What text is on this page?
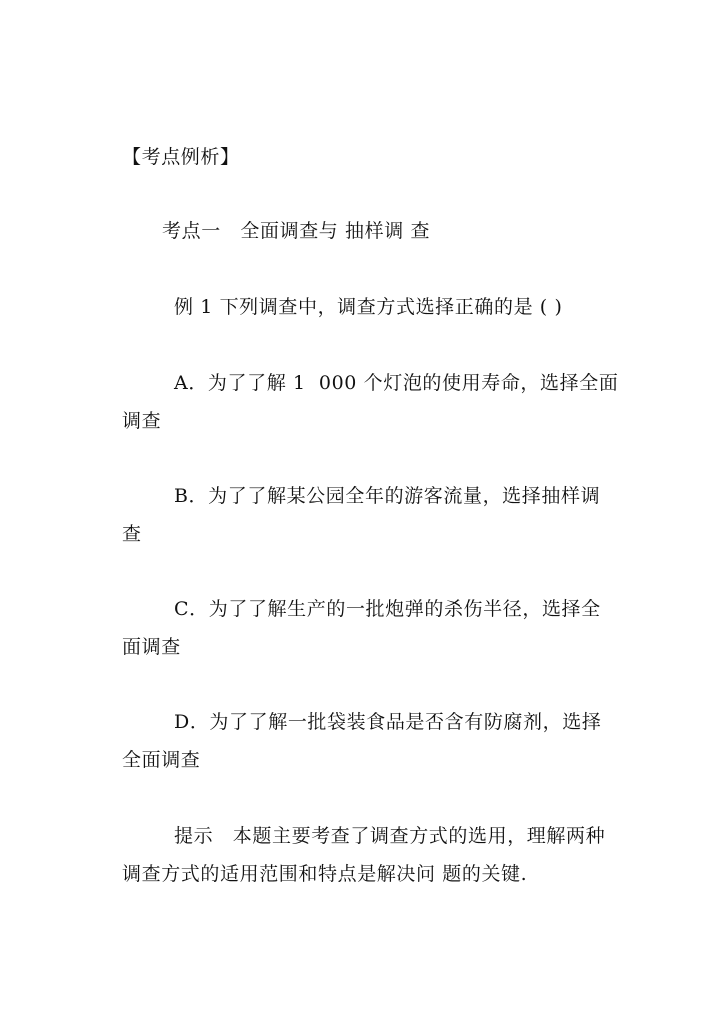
【考点例析】
考点一　全面调查与 抽样调 查
例 1 下列调查中，调查方式选择正确的是 ( )
A．为了了解 1  000 个灯泡的使用寿命，选择全面
调查
B．为了了解某公园全年的游客流量，选择抽样调
查
C．为了了解生产的一批炮弹的杀伤半径，选择全
面调查
D．为了了解一批袋装食品是否含有防腐剂，选择
全面调查
提示　本题主要考查了调查方式的选用，理解两种
调查方式的适用范围和特点是解决问 题的关键.
